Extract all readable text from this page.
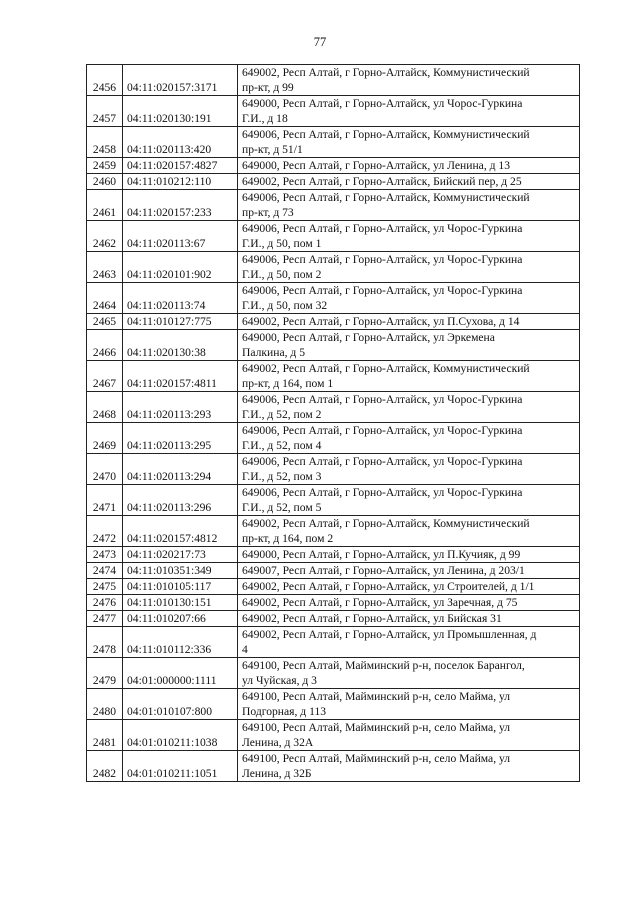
77
2456	04:11:020157:3171	649002, Респ Алтай, г Горно-Алтайск, Коммунистический
пр-кт, д 99

2457	04:11:020130:191	649000, Респ Алтай, г Горно-Алтайск, ул Чорос-Гуркина
Г.И., д 18

2458	04:11:020113:420	649006, Респ Алтай, г Горно-Алтайск, Коммунистический
пр-кт, д 51/1

2459	04:11:020157:4827	649000, Респ Алтай, г Горно-Алтайск, ул Ленина, д 13

2460	04:11:010212:110	649002, Респ Алтай, г Горно-Алтайск, Бийский пер, д 25

2461	04:11:020157:233	649006, Респ Алтай, г Горно-Алтайск, Коммунистический
пр-кт, д 73

2462	04:11:020113:67	649006, Респ Алтай, г Горно-Алтайск, ул Чорос-Гуркина
Г.И., д 50, пом 1

2463	04:11:020101:902	649006, Респ Алтай, г Горно-Алтайск, ул Чорос-Гуркина
Г.И., д 50, пом 2

2464	04:11:020113:74	649006, Респ Алтай, г Горно-Алтайск, ул Чорос-Гуркина
Г.И., д 50, пом 32

2465	04:11:010127:775	649002, Респ Алтай, г Горно-Алтайск, ул П.Сухова, д 14

2466	04:11:020130:38	649000, Респ Алтай, г Горно-Алтайск, ул Эркемена
Палкина, д 5

2467	04:11:020157:4811	649002, Респ Алтай, г Горно-Алтайск, Коммунистический
пр-кт, д 164, пом 1

2468	04:11:020113:293	649006, Респ Алтай, г Горно-Алтайск, ул Чорос-Гуркина
Г.И., д 52, пом 2

2469	04:11:020113:295	649006, Респ Алтай, г Горно-Алтайск, ул Чорос-Гуркина
Г.И., д 52, пом 4

2470	04:11:020113:294	649006, Респ Алтай, г Горно-Алтайск, ул Чорос-Гуркина
Г.И., д 52, пом 3

2471	04:11:020113:296	649006, Респ Алтай, г Горно-Алтайск, ул Чорос-Гуркина
Г.И., д 52, пом 5

2472	04:11:020157:4812	649002, Респ Алтай, г Горно-Алтайск, Коммунистический
пр-кт, д 164, пом 2

2473	04:11:020217:73	649000, Респ Алтай, г Горно-Алтайск, ул П.Кучияк, д 99

2474	04:11:010351:349	649007, Респ Алтай, г Горно-Алтайск, ул Ленина, д 203/1

2475	04:11:010105:117	649002, Респ Алтай, г Горно-Алтайск, ул Строителей, д 1/1

2476	04:11:010130:151	649002, Респ Алтай, г Горно-Алтайск, ул Заречная, д 75

2477	04:11:010207:66	649002, Респ Алтай, г Горно-Алтайск, ул Бийская 31

2478	04:11:010112:336	649002, Респ Алтай, г Горно-Алтайск, ул Промышленная, д
4

2479	04:01:000000:1111	649100, Респ Алтай, Майминский р-н, поселок Барангол,
ул Чуйская, д 3

2480	04:01:010107:800	649100, Респ Алтай, Майминский р-н, село Майма, ул
Подгорная, д 113

2481	04:01:010211:1038	649100, Респ Алтай, Майминский р-н, село Майма, ул
Ленина, д 32А

2482	04:01:010211:1051	649100, Респ Алтай, Майминский р-н, село Майма, ул
Ленина, д 32Б
